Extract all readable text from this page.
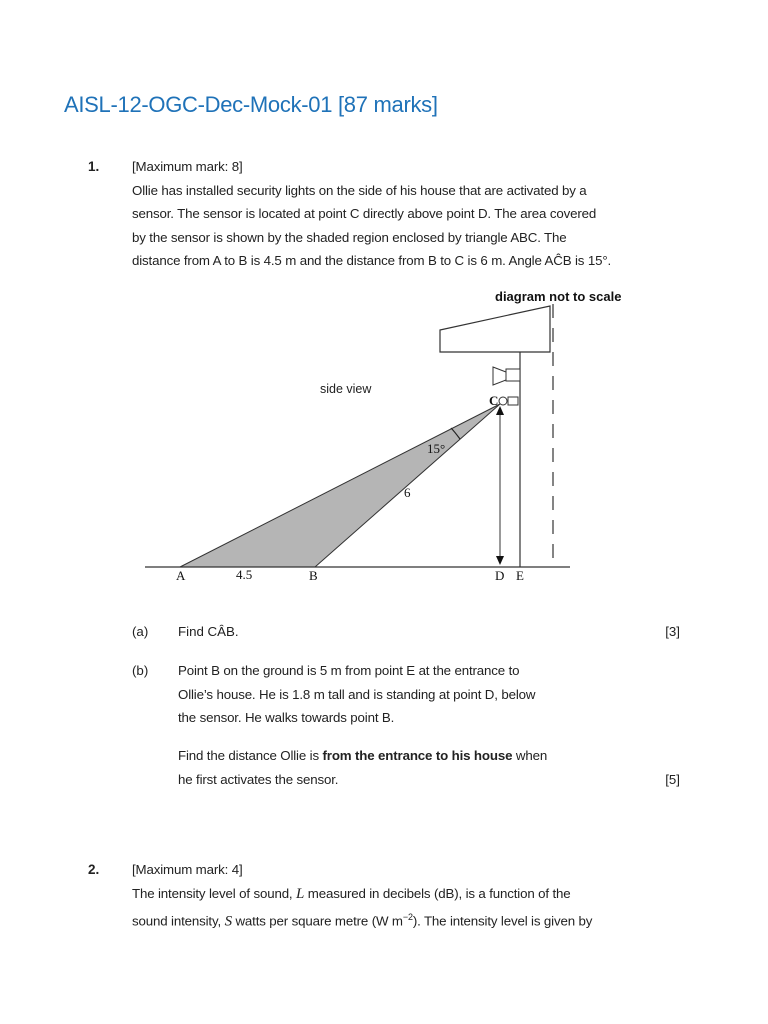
AISL-12-OGC-Dec-Mock-01 [87 marks]
1. [Maximum mark: 8]
Ollie has installed security lights on the side of his house that are activated by a
sensor. The sensor is located at point C directly above point D. The area covered
by the sensor is shown by the shaded region enclosed by triangle ABC. The
distance from A to B is 4.5 m and the distance from B to C is 6 m. Angle AĈB is 15°.
diagram not to scale
side view
C
15°
6
A	4.5	B	D E
(a) Find CÂB.	[3]
(b) Point B on the ground is 5 m from point E at the entrance to
Ollie’s house. He is 1.8 m tall and is standing at point D, below
the sensor. He walks towards point B.
Find the distance Ollie is from the entrance to his house when
he first activates the sensor.	[5]
2. [Maximum mark: 4]
The intensity level of sound, L measured in decibels (dB), is a function of the
sound intensity, S watts per square metre (W $m^{-2}$). The intensity level is given by
